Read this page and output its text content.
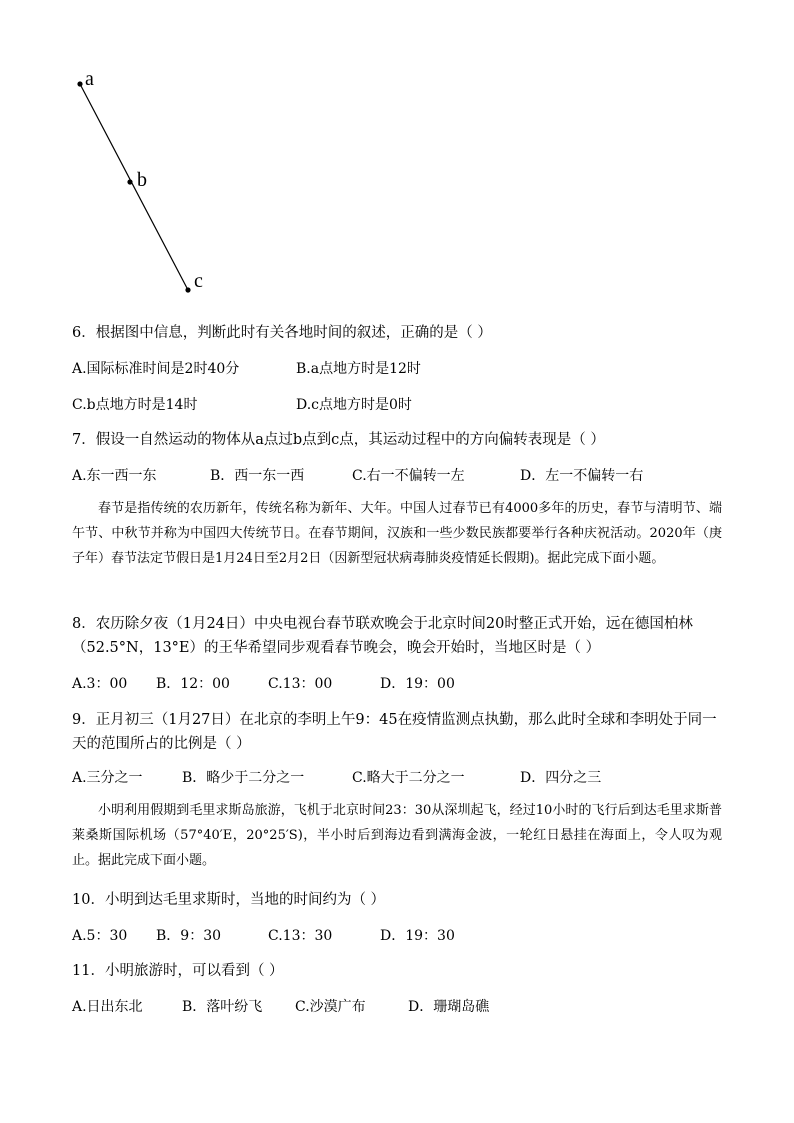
a
b
c
6．根据图中信息，判断此时有关各地时间的叙述，正确的是（ ）
A.国际标准时间是2时40分	B.a点地方时是12时
C.b点地方时是14时	D.c点地方时是0时
7．假设一自然运动的物体从a点过b点到c点，其运动过程中的方向偏转表现是（ ）
A.东一西一东	B．西一东一西	C.右一不偏转一左	D．左一不偏转一右

春节是指传统的农历新年，传统名称为新年、大年。中国人过春节已有4000多年的历史，春节与清明节、端午节、中秋节并称为中国四大传统节日。在春节期间，汉族和一些少数民族都要举行各种庆祝活动。2020年（庚子年）春节法定节假日是1月24日至2月2日（因新型冠状病毒肺炎疫情延长假期)。据此完成下面小题。

8．农历除夕夜（1月24日）中央电视台春节联欢晚会于北京时间20时整正式开始，远在德国柏林（52.5°N，13°E）的王华希望同步观看春节晚会，晚会开始时，当地区时是（ ）
A.3：00 B．12：00	C.13：00	D．19：00
9．正月初三（1月27日）在北京的李明上午9：45在疫情监测点执勤，那么此时全球和李明处于同一天的范围所占的比例是（ ）
A.三分之一	B．略少于二分之一	C.略大于二分之一	D．四分之三

小明利用假期到毛里求斯岛旅游，飞机于北京时间23：30从深圳起飞，经过10小时的飞行后到达毛里求斯普莱桑斯国际机场（57°40′E，20°25′S)，半小时后到海边看到满海金波，一轮红日悬挂在海面上，令人叹为观止。据此完成下面小题。

10．小明到达毛里求斯时，当地的时间约为（ ）
A.5：30 B．9：30	C.13：30	D．19：30
11．小明旅游时，可以看到（ ）
A.日出东北	B．落叶纷飞 C.沙漠广布	D．珊瑚岛礁
